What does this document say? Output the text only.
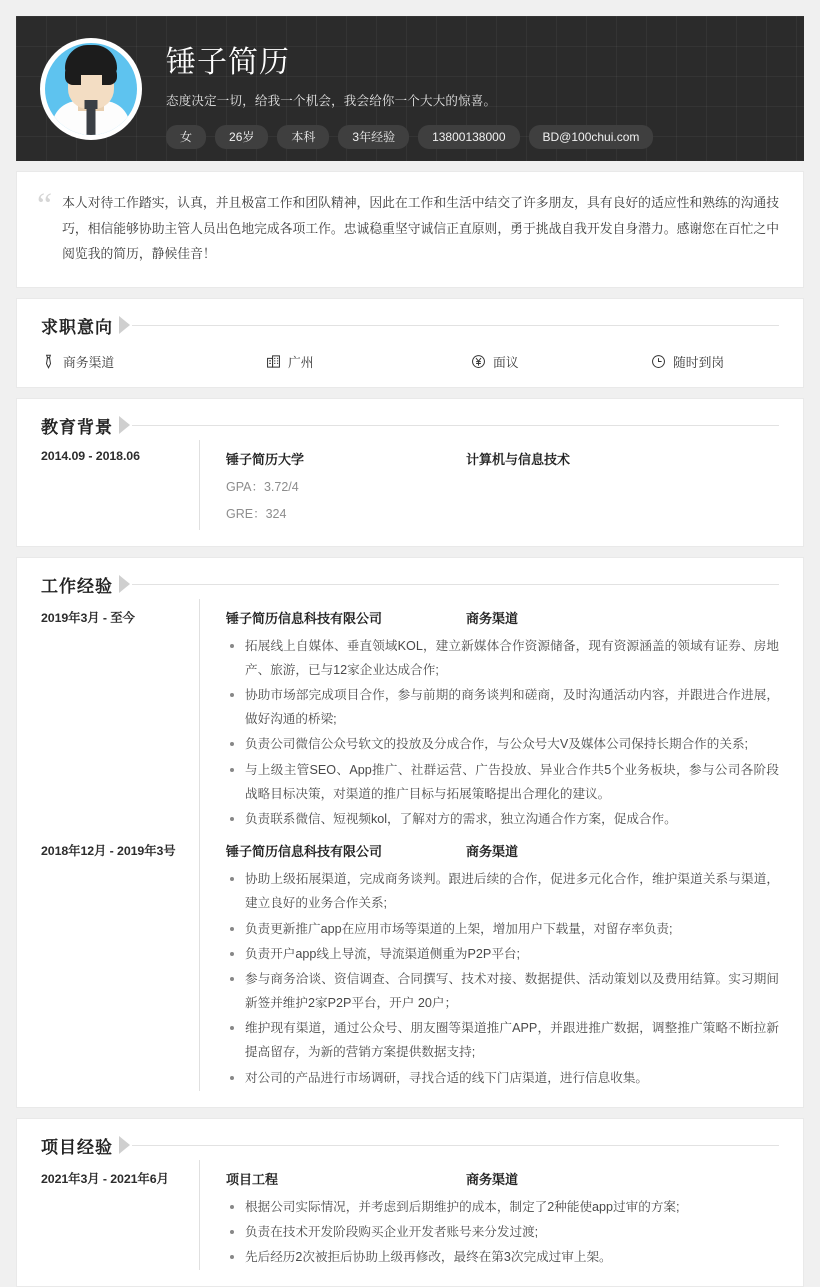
锤子简历
态度决定一切，给我一个机会，我会给你一个大大的惊喜。
女	26岁	本科	3年经验	13800138000	BD@100chui.com
“ 本人对待工作踏实，认真，并且极富工作和团队精神，因此在工作和生活中结交了许多朋友，具有良好的适应性和熟练的沟通技巧，相信能够协助主管人员出色地完成各项工作。忠诚稳重坚守诚信正直原则，勇于挑战自我开发自身潜力。感谢您在百忙之中阅览我的简历，静候佳音！
求职意向
商务渠道	广州	面议	随时到岗
教育背景
2014.09 - 2018.06	锤子简历大学	计算机与信息技术
GPA：3.72/4
GRE：324
工作经验
2019年3月 - 至今	锤子简历信息科技有限公司	商务渠道
拓展线上自媒体、垂直领域KOL，建立新媒体合作资源储备，现有资源涵盖的领域有证券、房地产、旅游，已与12家企业达成合作;
协助市场部完成项目合作，参与前期的商务谈判和磋商，及时沟通活动内容，并跟进合作进展，做好沟通的桥梁;
负责公司微信公众号软文的投放及分成合作，与公众号大V及媒体公司保持长期合作的关系;
与上级主管SEO、App推广、社群运营、广告投放、异业合作共5个业务板块，参与公司各阶段战略目标决策，对渠道的推广目标与拓展策略提出合理化的建议。
负责联系微信、短视频kol，了解对方的需求，独立沟通合作方案，促成合作。
2018年12月 - 2019年3号	锤子简历信息科技有限公司	商务渠道
协助上级拓展渠道，完成商务谈判。跟进后续的合作，促进多元化合作，维护渠道关系与渠道，建立良好的业务合作关系;
负责更新推广app在应用市场等渠道的上架，增加用户下载量，对留存率负责;
负责开户app线上导流，导流渠道侧重为P2P平台;
参与商务洽谈、资信调查、合同撰写、技术对接、数据提供、活动策划以及费用结算。实习期间新签并维护2家P2P平台，开户 20户；
维护现有渠道，通过公众号、朋友圈等渠道推广APP，并跟进推广数据，调整推广策略不断拉新提高留存，为新的营销方案提供数据支持;
对公司的产品进行市场调研，寻找合适的线下门店渠道，进行信息收集。
项目经验
2021年3月 - 2021年6月	项目工程	商务渠道
根据公司实际情况，并考虑到后期维护的成本，制定了2种能使app过审的方案;
负责在技术开发阶段购买企业开发者账号来分发过渡;
先后经历2次被拒后协助上级再修改，最终在第3次完成过审上架。
